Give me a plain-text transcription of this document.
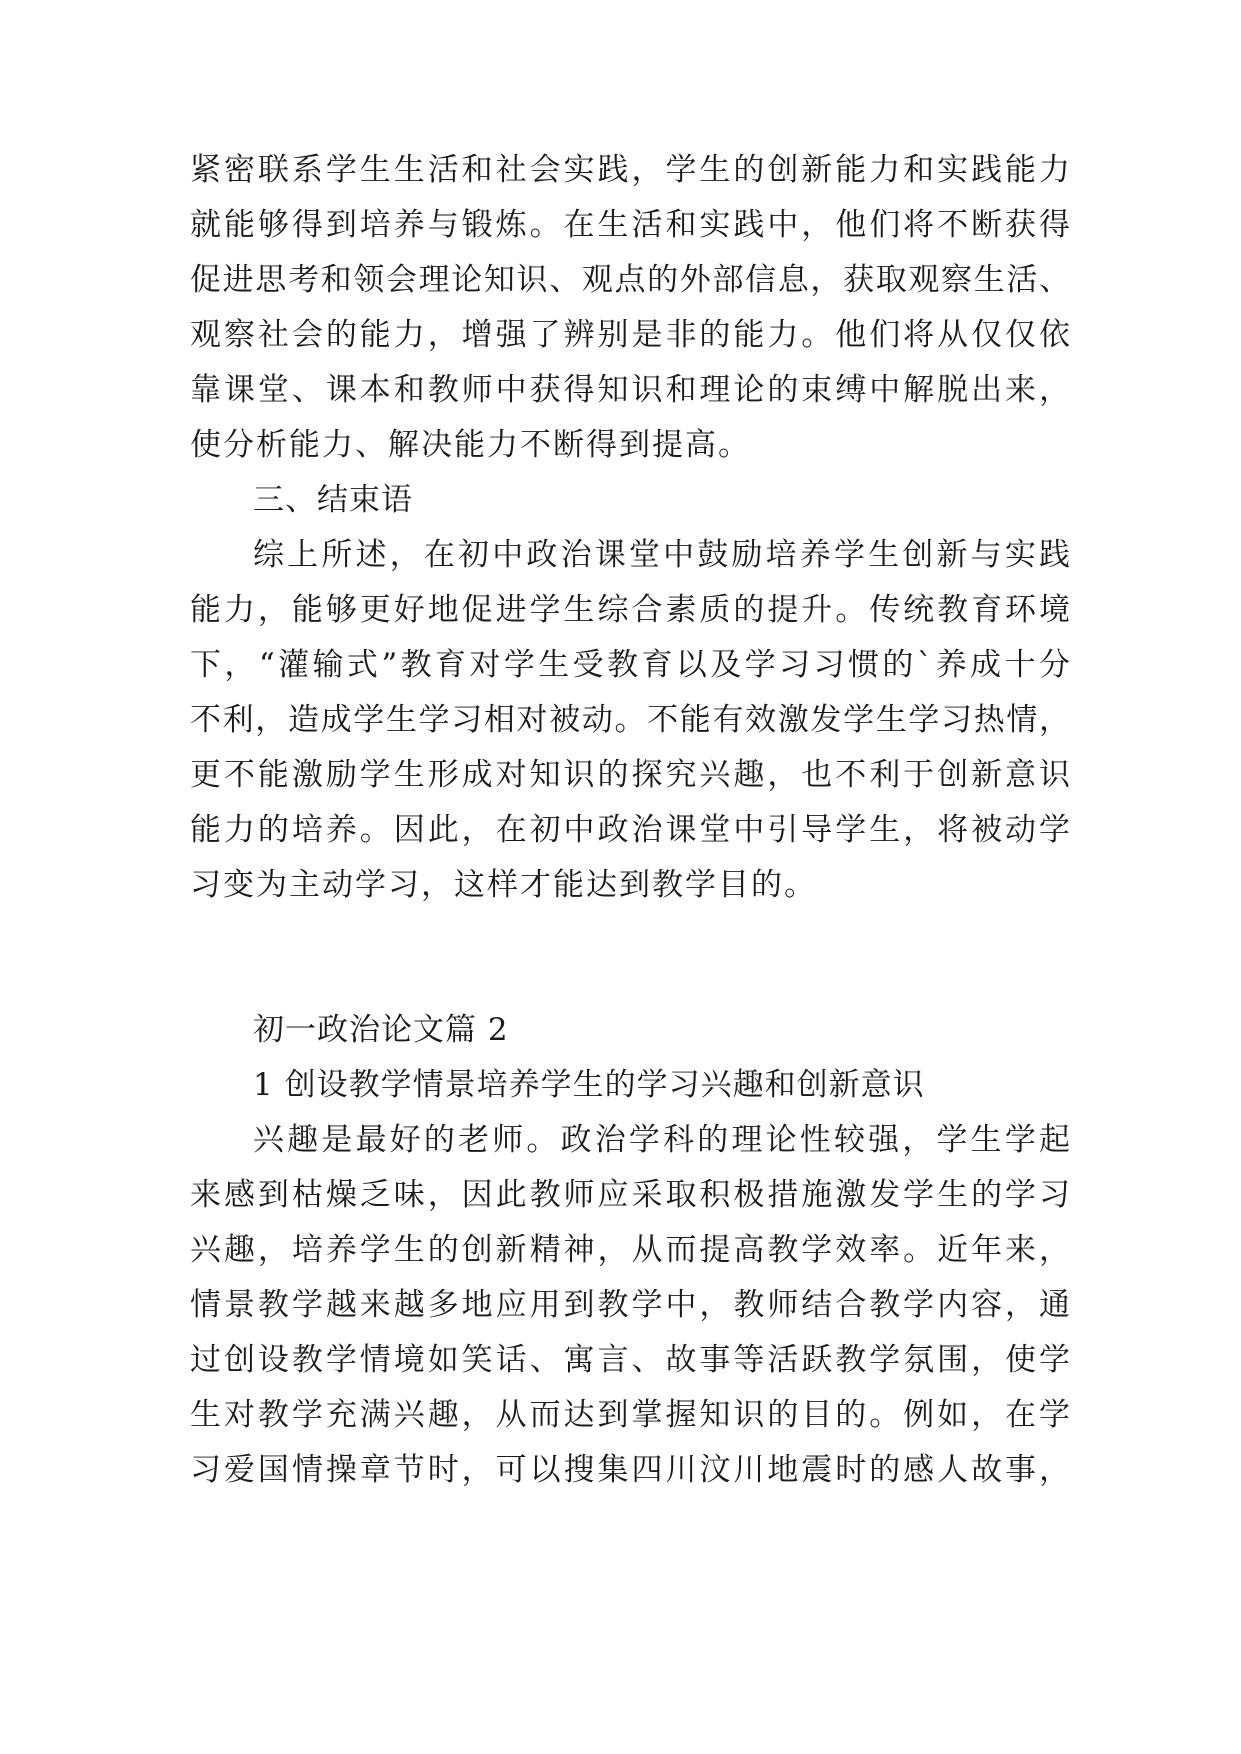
紧密联系学生生活和社会实践，学生的创新能力和实践能力
就能够得到培养与锻炼。在生活和实践中，他们将不断获得
促进思考和领会理论知识、观点的外部信息，获取观察生活、
观察社会的能力，增强了辨别是非的能力。他们将从仅仅依
靠课堂、课本和教师中获得知识和理论的束缚中解脱出来，
使分析能力、解决能力不断得到提高。
三、结束语
综上所述，在初中政治课堂中鼓励培养学生创新与实践
能力，能够更好地促进学生综合素质的提升。传统教育环境
下，“灌输式”教育对学生受教育以及学习习惯的`养成十分
不利，造成学生学习相对被动。不能有效激发学生学习热情，
更不能激励学生形成对知识的探究兴趣，也不利于创新意识
能力的培养。因此，在初中政治课堂中引导学生，将被动学
习变为主动学习，这样才能达到教学目的。
初一政治论文篇 2
1 创设教学情景培养学生的学习兴趣和创新意识
兴趣是最好的老师。政治学科的理论性较强，学生学起
来感到枯燥乏味，因此教师应采取积极措施激发学生的学习
兴趣，培养学生的创新精神，从而提高教学效率。近年来，
情景教学越来越多地应用到教学中，教师结合教学内容，通
过创设教学情境如笑话、寓言、故事等活跃教学氛围，使学
生对教学充满兴趣，从而达到掌握知识的目的。例如，在学
习爱国情操章节时，可以搜集四川汶川地震时的感人故事，
